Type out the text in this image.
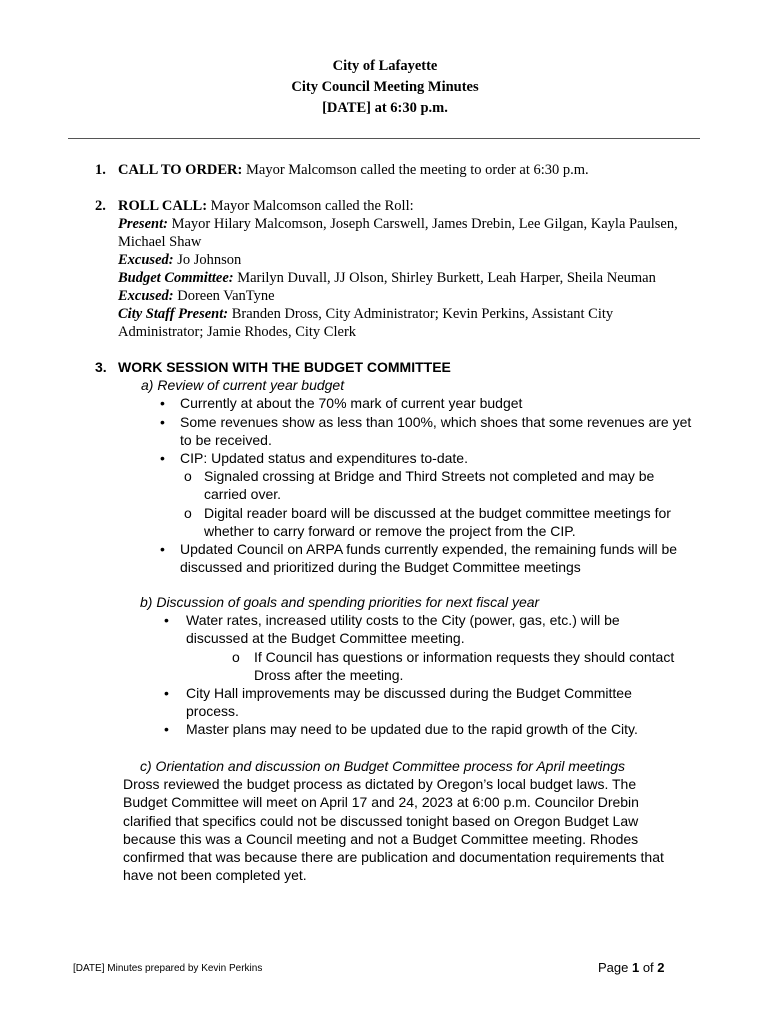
City of Lafayette
City Council Meeting Minutes
[DATE] at 6:30 p.m.
1. CALL TO ORDER: Mayor Malcomson called the meeting to order at 6:30 p.m.
2. ROLL CALL: Mayor Malcomson called the Roll:
Present: Mayor Hilary Malcomson, Joseph Carswell, James Drebin, Lee Gilgan, Kayla Paulsen, Michael Shaw
Excused: Jo Johnson
Budget Committee: Marilyn Duvall, JJ Olson, Shirley Burkett, Leah Harper, Sheila Neuman
Excused: Doreen VanTyne
City Staff Present: Branden Dross, City Administrator; Kevin Perkins, Assistant City Administrator; Jamie Rhodes, City Clerk
3. WORK SESSION WITH THE BUDGET COMMITTEE
a) Review of current year budget
• Currently at about the 70% mark of current year budget
• Some revenues show as less than 100%, which shoes that some revenues are yet to be received.
• CIP: Updated status and expenditures to-date.
o Signaled crossing at Bridge and Third Streets not completed and may be carried over.
o Digital reader board will be discussed at the budget committee meetings for whether to carry forward or remove the project from the CIP.
• Updated Council on ARPA funds currently expended, the remaining funds will be discussed and prioritized during the Budget Committee meetings
b) Discussion of goals and spending priorities for next fiscal year
• Water rates, increased utility costs to the City (power, gas, etc.) will be discussed at the Budget Committee meeting.
o If Council has questions or information requests they should contact Dross after the meeting.
• City Hall improvements may be discussed during the Budget Committee process.
• Master plans may need to be updated due to the rapid growth of the City.
c) Orientation and discussion on Budget Committee process for April meetings
Dross reviewed the budget process as dictated by Oregon’s local budget laws. The Budget Committee will meet on April 17 and 24, 2023 at 6:00 p.m. Councilor Drebin clarified that specifics could not be discussed tonight based on Oregon Budget Law because this was a Council meeting and not a Budget Committee meeting. Rhodes confirmed that was because there are publication and documentation requirements that have not been completed yet.
[DATE] Minutes prepared by Kevin Perkins	Page 1 of 2
